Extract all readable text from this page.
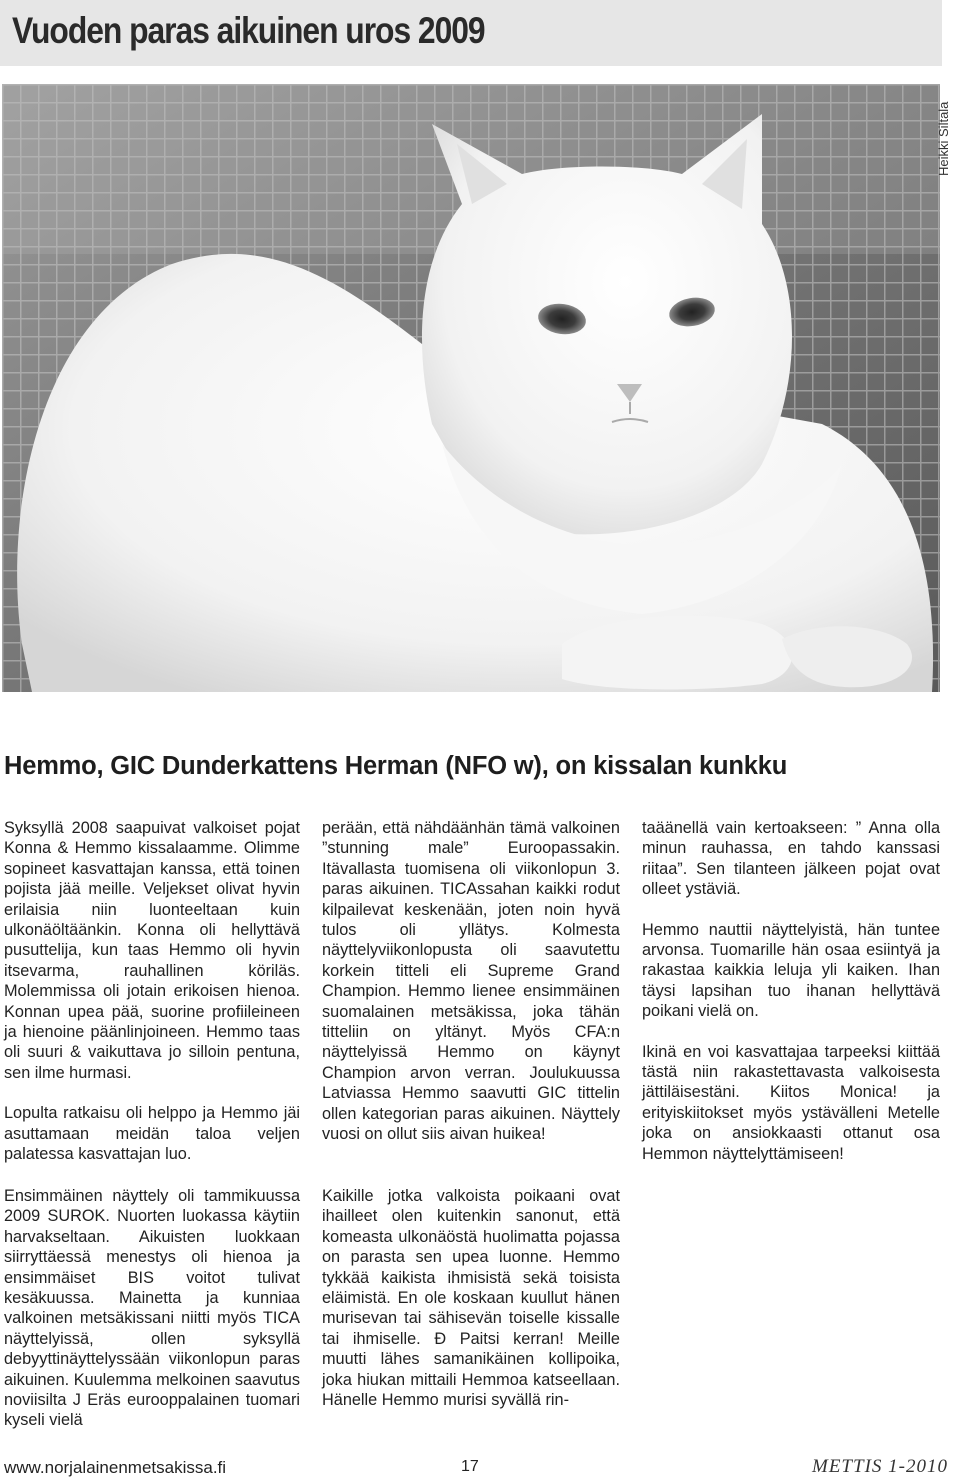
Vuoden paras aikuinen uros 2009
Heikki Siltala
Hemmo, GIC Dunderkattens Herman (NFO w), on kissalan kunkku

Syksyllä 2008 saapuivat valkoiset pojat Konna & Hemmo kissalaamme. Olimme sopineet kasvattajan kanssa, että toinen pojista jää meille. Veljekset olivat hyvin erilaisia niin luonteeltaan kuin ulkonäöltäänkin. Konna oli hellyttävä pusuttelija, kun taas Hemmo oli hyvin itsevarma, rauhallinen köriläs. Molemmissa oli jotain erikoisen hienoa. Konnan upea pää, suorine profiileineen ja hienoine päänlinjoineen. Hemmo taas oli suuri & vaikuttava jo silloin pentuna, sen ilme hurmasi.

Lopulta ratkaisu oli helppo ja Hemmo jäi asuttamaan meidän taloa veljen palatessa kasvattajan luo.

Ensimmäinen näyttely oli tammikuussa 2009 SUROK. Nuorten luokassa käytiin harvakseltaan. Aikuisten luokkaan siirryttäessä menestys oli hienoa ja ensimmäiset BIS voitot tulivat kesäkuussa. Mainetta ja kunniaa valkoinen metsäkissani niitti myös TICA näyttelyissä, ollen syksyllä debyyttinäyttelyssään viikonlopun paras aikuinen. Kuulemma melkoinen saavutus noviisilta J Eräs eurooppalainen tuomari kyseli vielä

perään, että nähdäänhän tämä valkoinen ”stunning male” Euroopassakin. Itävallasta tuomisena oli viikonlopun 3. paras aikuinen. TICAssahan kaikki rodut kilpailevat keskenään, joten noin hyvä tulos oli yllätys. Kolmesta näyttelyviikonlopusta oli saavutettu korkein titteli eli Supreme Grand Champion. Hemmo lienee ensimmäinen suomalainen metsäkissa, joka tähän titteliin on yltänyt. Myös CFA:n näyttelyissä Hemmo on käynyt Champion arvon verran. Joulukuussa Latviassa Hemmo saavutti GIC tittelin ollen kategorian paras aikuinen. Näyttely vuosi on ollut siis aivan huikea!

Kaikille jotka valkoista poikaani ovat ihailleet olen kuitenkin sanonut, että komeasta ulkonäöstä huolimatta pojassa on parasta sen upea luonne. Hemmo tykkää kaikista ihmisistä sekä toisista eläimistä. En ole koskaan kuullut hänen murisevan tai sähisevän toiselle kissalle tai ihmiselle. Ð Paitsi kerran! Meille muutti lähes samanikäinen kollipoika, joka hiukan mittaili Hemmoa katseellaan. Hänelle Hemmo murisi syvällä rin-

taäänellä vain kertoakseen: ” Anna olla minun rauhassa, en tahdo kanssasi riitaa”. Sen tilanteen jälkeen pojat ovat olleet ystäviä.

Hemmo nauttii näyttelyistä, hän tuntee arvonsa. Tuomarille hän osaa esiintyä ja rakastaa kaikkia leluja yli kaiken. Ihan täysi lapsihan tuo ihanan hellyttävä poikani vielä on.

Ikinä en voi kasvattajaa tarpeeksi kiittää tästä niin rakastettavasta valkoisesta jättiläisestäni. Kiitos Monica! ja erityiskiitokset myös ystävälleni Metelle joka on ansiokkaasti ottanut osa Hemmon näyttelyttämiseen!

www.norjalainenmetsakissa.fi	17	METTIS 1-2010
